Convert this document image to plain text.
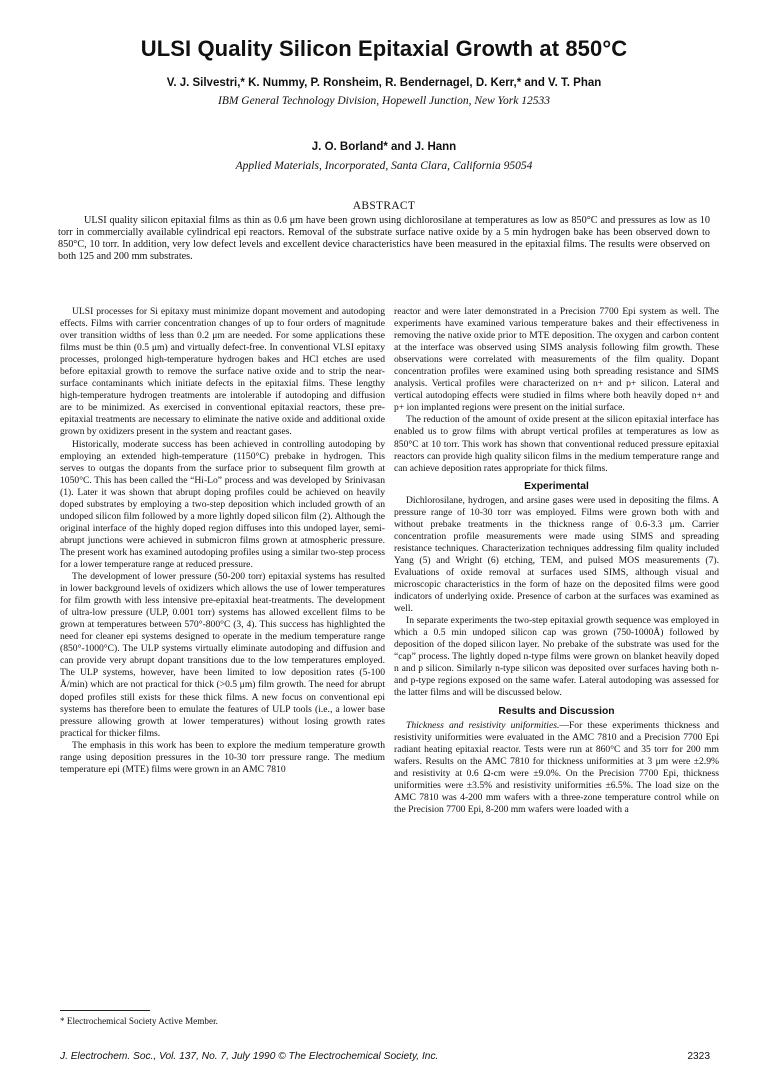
ULSI Quality Silicon Epitaxial Growth at 850°C
V. J. Silvestri,* K. Nummy, P. Ronsheim, R. Bendernagel, D. Kerr,* and V. T. Phan
IBM General Technology Division, Hopewell Junction, New York 12533
J. O. Borland* and J. Hann
Applied Materials, Incorporated, Santa Clara, California 95054
ABSTRACT

ULSI quality silicon epitaxial films as thin as 0.6 μm have been grown using dichlorosilane at temperatures as low as 850°C and pressures as low as 10 torr in commercially available cylindrical epi reactors. Removal of the substrate surface native oxide by a 5 min hydrogen bake has been observed down to 850°C, 10 torr. In addition, very low defect levels and excellent device characteristics have been measured in the epitaxial films. The results were observed on both 125 and 200 mm substrates.

ULSI processes for Si epitaxy must minimize dopant movement and autodoping effects. Films with carrier concentration changes of up to four orders of magnitude over transition widths of less than 0.2 μm are needed. For some applications these films must be thin (0.5 μm) and virtually defect-free. In conventional VLSI epitaxy processes, prolonged high-temperature hydrogen bakes and HCl etches are used before epitaxial growth to remove the surface native oxide and to strip the near-surface contaminants which initiate defects in the epitaxial films. These lengthy high-temperature hydrogen treatments are intolerable if autodoping and diffusion are to be minimized. As exercised in conventional epitaxial reactors, these pre-epitaxial treatments are necessary to eliminate the native oxide and additional oxide grown by oxidizers present in the system and reactant gases.

Historically, moderate success has been achieved in controlling autodoping by employing an extended high-temperature (1150°C) prebake in hydrogen. This serves to outgas the dopants from the surface prior to subsequent film growth at 1050°C. This has been called the “Hi-Lo” process and was developed by Srinivasan (1). Later it was shown that abrupt doping profiles could be achieved on heavily doped substrates by employing a two-step deposition which included growth of an undoped silicon film followed by a more lightly doped silicon film (2). Although the original interface of the highly doped region diffuses into this undoped layer, semi-abrupt junctions were achieved in submicron films grown at atmospheric pressure. The present work has examined autodoping profiles using a similar two-step process for a lower temperature range at reduced pressure.

The development of lower pressure (50-200 torr) epitaxial systems has resulted in lower background levels of oxidizers which allows the use of lower temperatures for film growth with less intensive pre-epitaxial heat-treatments. The development of ultra-low pressure (ULP, 0.001 torr) systems has allowed excellent films to be grown at temperatures between 570°-800°C (3, 4). This success has highlighted the need for cleaner epi systems designed to operate in the medium temperature range (850°-1000°C). The ULP systems virtually eliminate autodoping and diffusion and can provide very abrupt dopant transitions due to the low temperatures employed. The ULP systems, however, have been limited to low deposition rates (5-100 Å/min) which are not practical for thick (>0.5 μm) film growth. The need for abrupt doped profiles still exists for these thick films. A new focus on conventional epi systems has therefore been to emulate the features of ULP tools (i.e., a lower base pressure allowing growth at lower temperatures) without losing growth rates practical for thicker films.

The emphasis in this work has been to explore the medium temperature growth range using deposition pressures in the 10-30 torr pressure range. The medium temperature epi (MTE) films were grown in an AMC 7810

reactor and were later demonstrated in a Precision 7700 Epi system as well. The experiments have examined various temperature bakes and their effectiveness in removing the native oxide prior to MTE deposition. The oxygen and carbon content at the interface was observed using SIMS analysis following film growth. These observations were correlated with measurements of the film quality. Dopant concentration profiles were examined using both spreading resistance and SIMS analysis. Vertical profiles were characterized on n+ and p+ silicon. Lateral and vertical autodoping effects were studied in films where both heavily doped n+ and p+ ion implanted regions were present on the initial surface.

The reduction of the amount of oxide present at the silicon epitaxial interface has enabled us to grow films with abrupt vertical profiles at temperatures as low as 850°C at 10 torr. This work has shown that conventional reduced pressure epitaxial reactors can provide high quality silicon films in the medium temperature range and can achieve deposition rates appropriate for thick films.

Experimental

Dichlorosilane, hydrogen, and arsine gases were used in depositing the films. A pressure range of 10-30 torr was employed. Films were grown both with and without prebake treatments in the thickness range of 0.6-3.3 μm. Carrier concentration profile measurements were made using SIMS and spreading resistance techniques. Characterization techniques addressing film quality included Yang (5) and Wright (6) etching, TEM, and pulsed MOS measurements (7). Evaluations of oxide removal at surfaces used SIMS, although visual and microscopic characteristics in the form of haze on the deposited films were good indicators of underlying oxide. Presence of carbon at the surfaces was examined as well.

In separate experiments the two-step epitaxial growth sequence was employed in which a 0.5 min undoped silicon cap was grown (750-1000Å) followed by deposition of the doped silicon layer. No prebake of the substrate was used for the “cap” process. The lightly doped n-type films were grown on blanket heavily doped n and p silicon. Similarly n-type silicon was deposited over surfaces having both n- and p-type regions exposed on the same wafer. Lateral autodoping was assessed for the latter films and will be discussed below.

Results and Discussion

Thickness and resistivity uniformities.—For these experiments thickness and resistivity uniformities were evaluated in the AMC 7810 and a Precision 7700 Epi radiant heating epitaxial reactor. Tests were run at 860°C and 35 torr for 200 mm wafers. Results on the AMC 7810 for thickness uniformities at 3 μm were ±2.9% and resistivity at 0.6 Ω-cm were ±9.0%. On the Precision 7700 Epi, thickness uniformities were ±3.5% and resistivity uniformities ±6.5%. The load size on the AMC 7810 was 4-200 mm wafers with a three-zone temperature control while on the Precision 7700 Epi, 8-200 mm wafers were loaded with a

* Electrochemical Society Active Member.
J. Electrochem. Soc., Vol. 137, No. 7, July 1990 © The Electrochemical Society, Inc.	2323
